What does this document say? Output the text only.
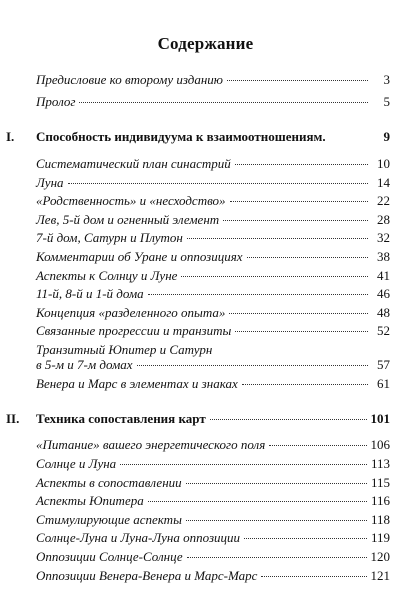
Содержание
Предисловие ко второму изданию	3
Пролог	5
I.	Способность индивидуума к взаимоотношениям.	9
Систематический план синастрий	10
Луна	14
«Родственность» и «несходство»	22
Лев, 5-й дом и огненный элемент	28
7-й дом, Сатурн и Плутон	32
Комментарии об Уране и оппозициях	38
Аспекты к Солнцу и Луне	41
11-й, 8-й и 1-й дома	46
Концепция «разделенного опыта»	48
Связанные прогрессии и транзиты	52
Транзитный Юпитер и Сатурн
в 5-м и 7-м домах	57
Венера и Марс в элементах и знаках	61
II.	Техника сопоставления карт	101
«Питание» вашего энергетического поля	106
Солнце и Луна	113
Аспекты в сопоставлении	115
Аспекты Юпитера	116
Стимулирующие аспекты	118
Солнце-Луна и Луна-Луна оппозиции	119
Оппозиции Солнце-Солнце	120
Оппозиции Венера-Венера и Марс-Марс	121
